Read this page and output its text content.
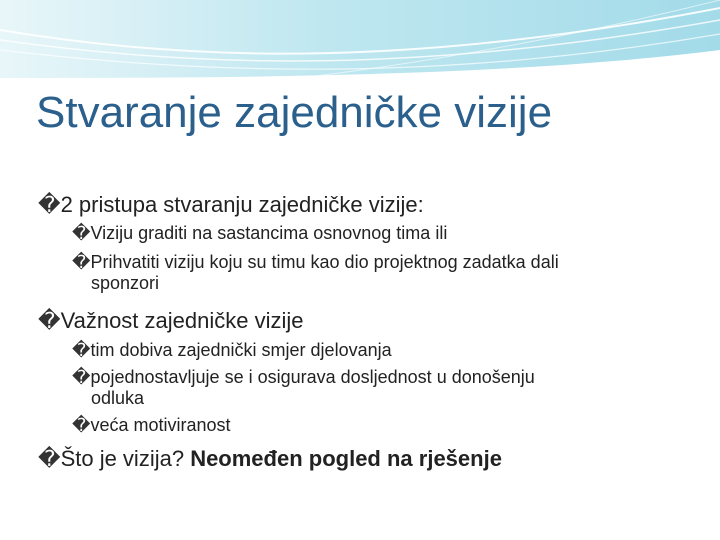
Stvaranje zajedničke vizije

�2 pristupa stvaranju zajedničke vizije:

�Viziju graditi na sastancima osnovnog tima ili

�Prihvatiti viziju koju su timu kao dio projektnog zadatka dali
sponzori

�Važnost zajedničke vizije

�tim dobiva zajednički smjer djelovanja

�pojednostavljuje se i osigurava dosljednost u donošenju
odluka

�veća motiviranost

�Što je vizija? Neomeđen pogled na rješenje
